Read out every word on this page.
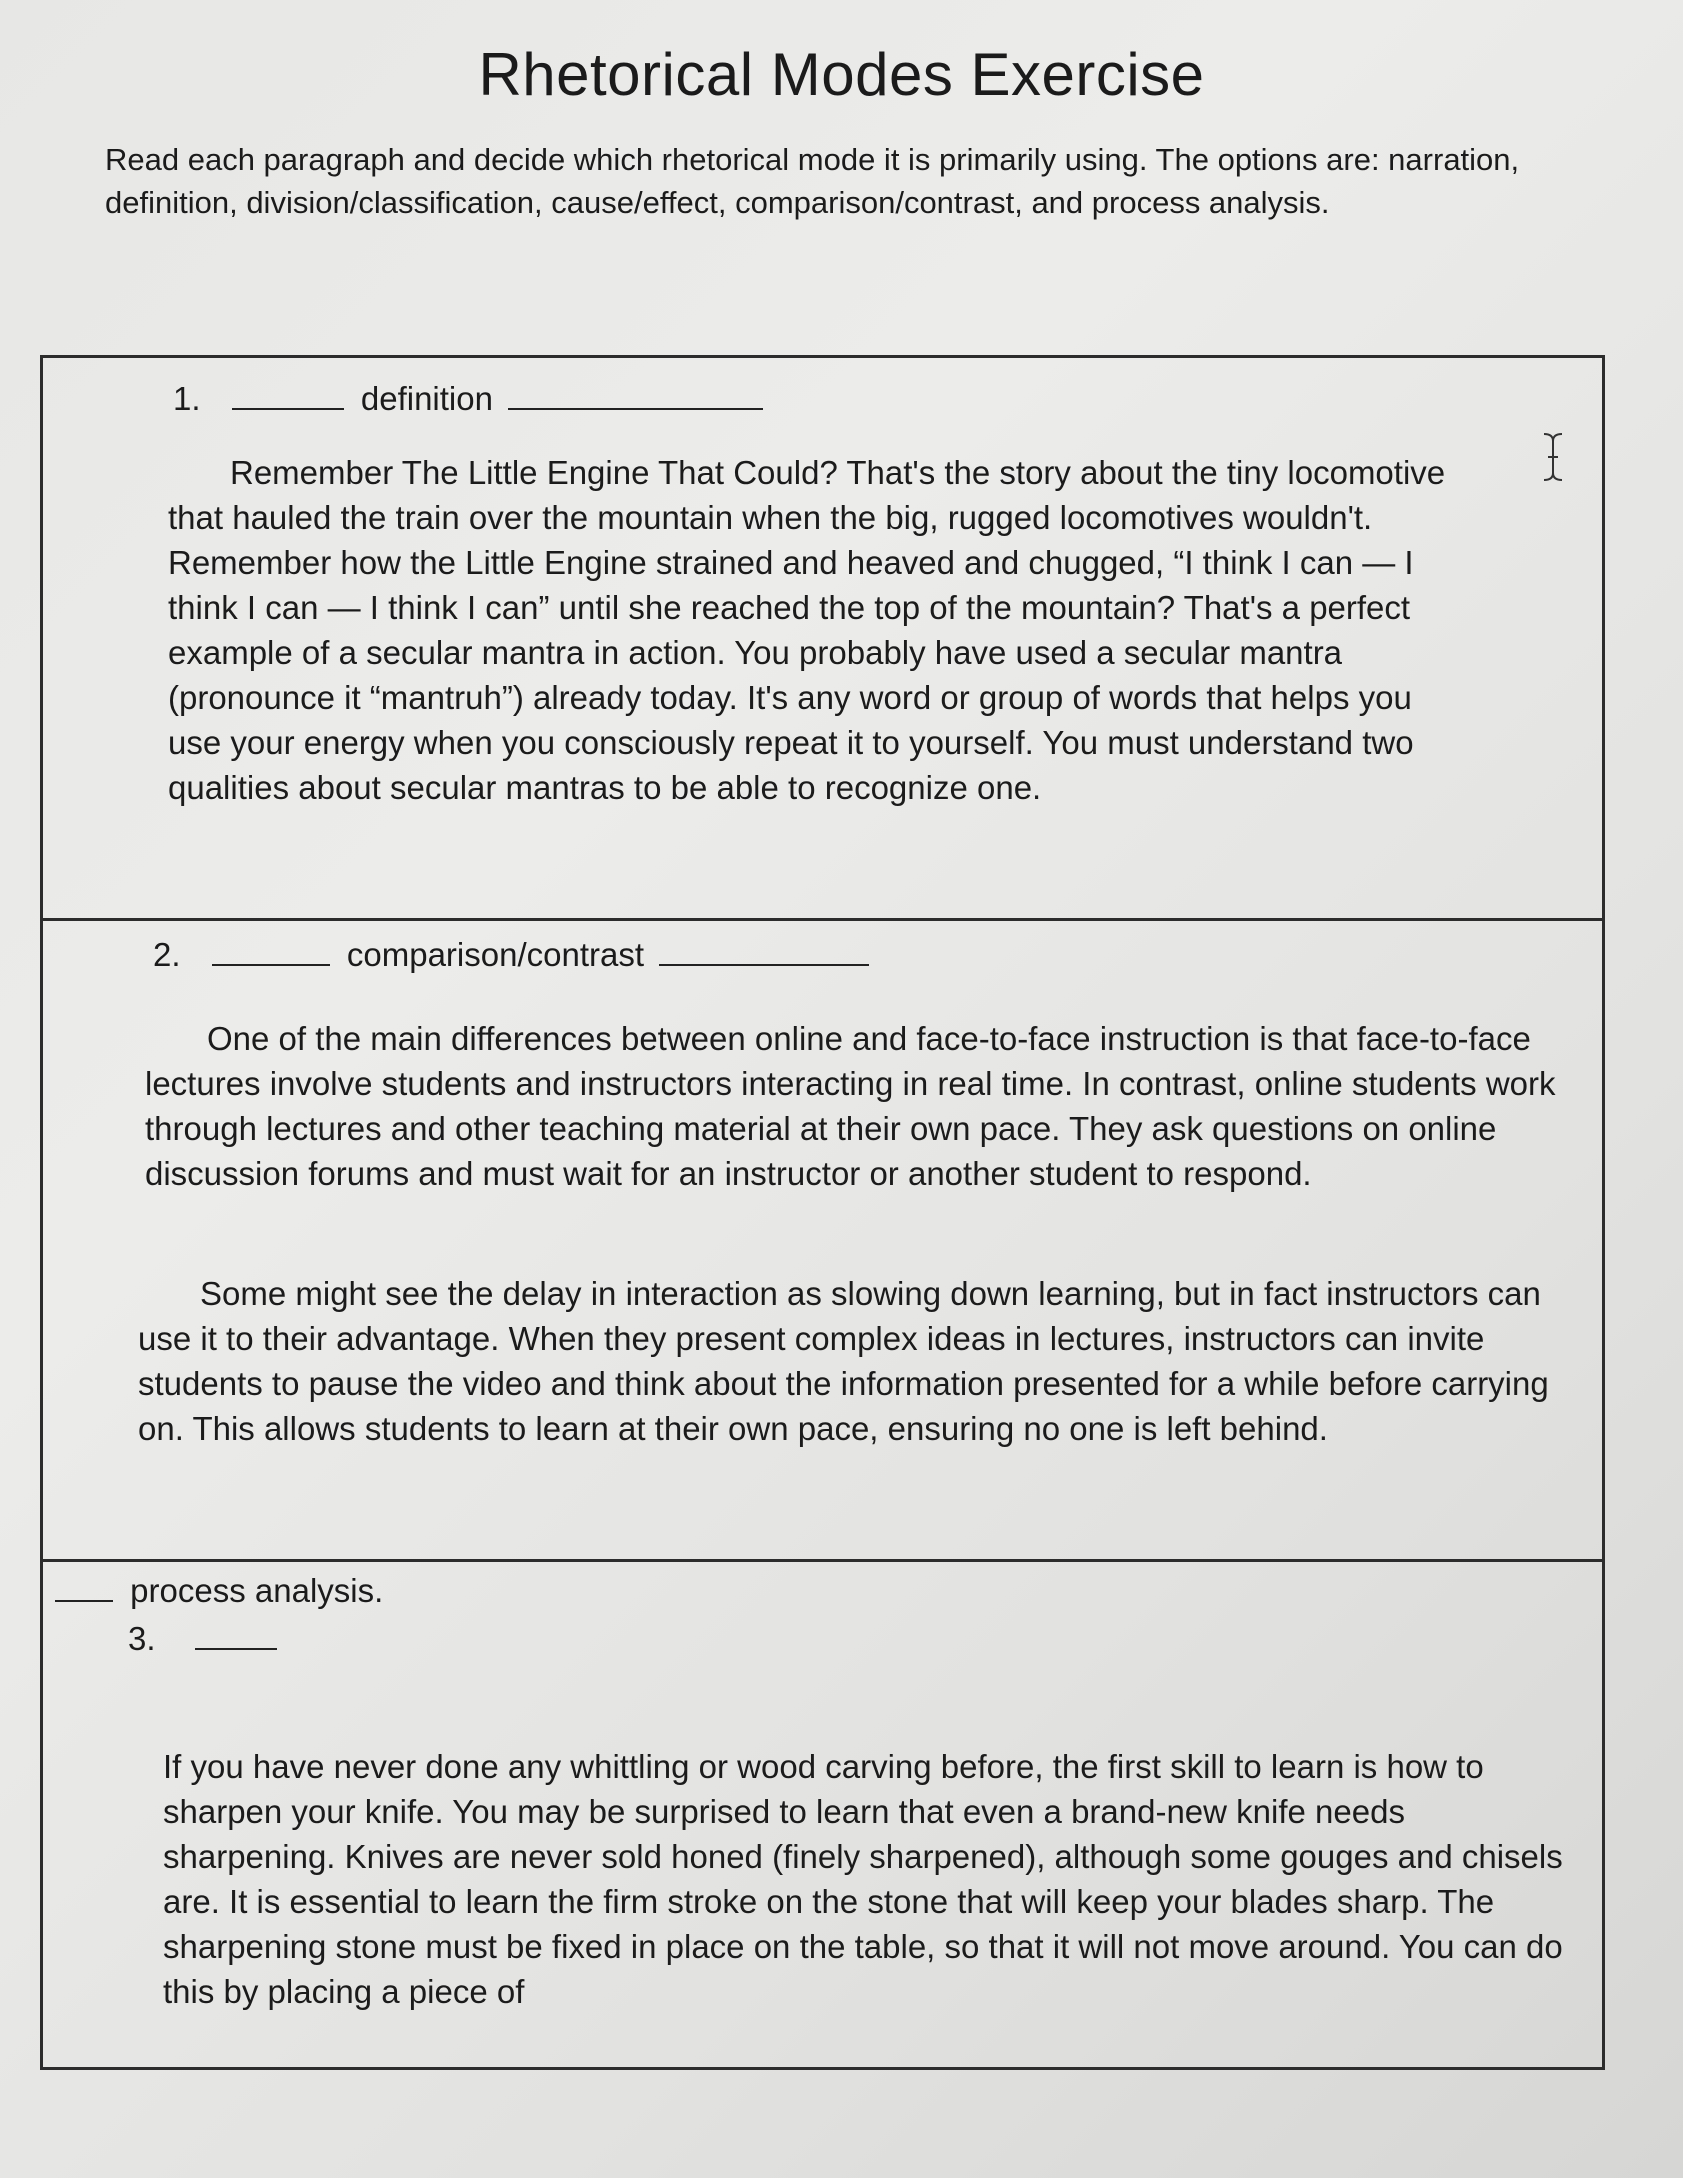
Rhetorical Modes Exercise

Read each paragraph and decide which rhetorical mode it is primarily using. The options are: narration, definition, division/classification, cause/effect, comparison/contrast, and process analysis.

1.	definition

Remember The Little Engine That Could? That's the story about the tiny locomotive that hauled the train over the mountain when the big, rugged locomotives wouldn't. Remember how the Little Engine strained and heaved and chugged, “I think I can — I think I can — I think I can” until she reached the top of the mountain? That's a perfect example of a secular mantra in action. You probably have used a secular mantra (pronounce it “mantruh”) already today. It's any word or group of words that helps you use your energy when you consciously repeat it to yourself. You must understand two qualities about secular mantras to be able to recognize one.

2.	comparison/contrast

One of the main differences between online and face-to-face instruction is that face-to-face lectures involve students and instructors interacting in real time. In contrast, online students work through lectures and other teaching material at their own pace. They ask questions on online discussion forums and must wait for an instructor or another student to respond.

Some might see the delay in interaction as slowing down learning, but in fact instructors can use it to their advantage. When they present complex ideas in lectures, instructors can invite students to pause the video and think about the information presented for a while before carrying on. This allows students to learn at their own pace, ensuring no one is left behind.

process analysis.
3.

If you have never done any whittling or wood carving before, the first skill to learn is how to sharpen your knife. You may be surprised to learn that even a brand-new knife needs sharpening. Knives are never sold honed (finely sharpened), although some gouges and chisels are. It is essential to learn the firm stroke on the stone that will keep your blades sharp. The sharpening stone must be fixed in place on the table, so that it will not move around. You can do this by placing a piece of
